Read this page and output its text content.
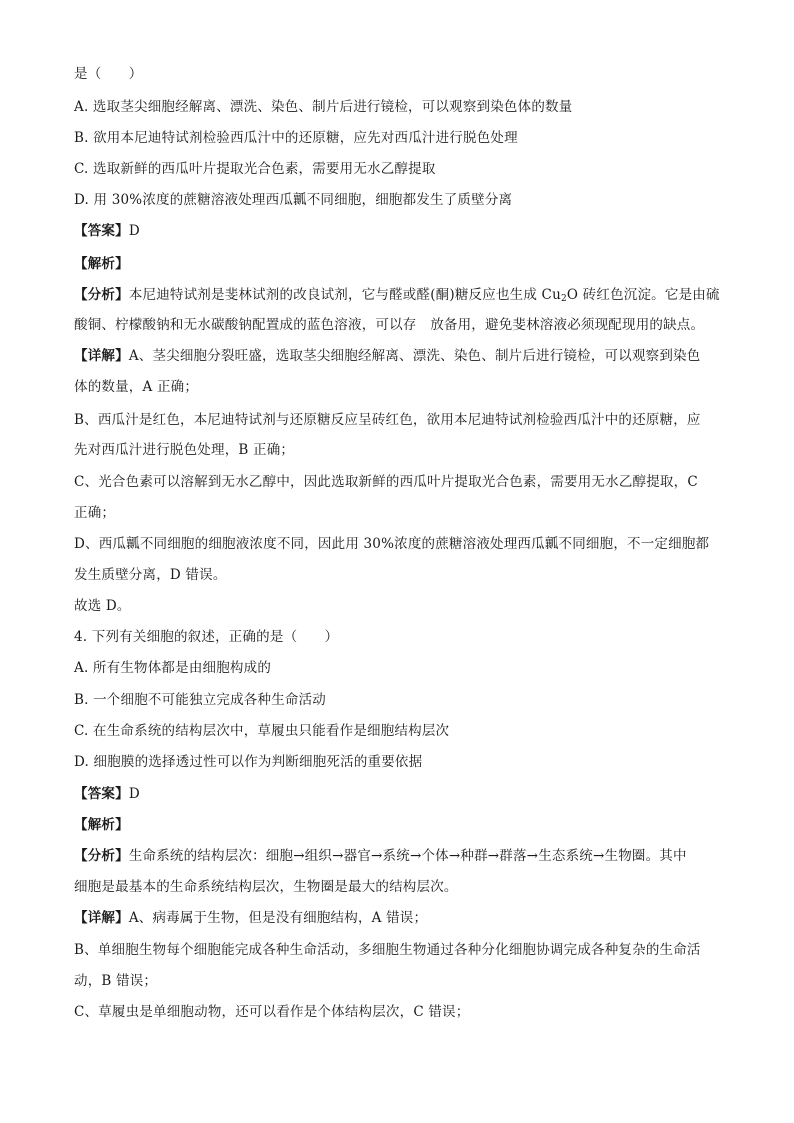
是（　　）
A. 选取茎尖细胞经解离、漂洗、染色、制片后进行镜检，可以观察到染色体的数量
B. 欲用本尼迪特试剂检验西瓜汁中的还原糖，应先对西瓜汁进行脱色处理
C. 选取新鲜的西瓜叶片提取光合色素，需要用无水乙醇提取
D. 用 30%浓度的蔗糖溶液处理西瓜瓤不同细胞，细胞都发生了质壁分离
【答案】D
【解析】
【分析】本尼迪特试剂是斐林试剂的改良试剂，它与醛或醛(酮)糖反应也生成 $Cu_2O$ 砖红色沉淀。它是由硫
酸铜、柠檬酸钠和无水碳酸钠配置成的蓝色溶液，可以存　放备用，避免斐林溶液必须现配现用的缺点。
【详解】A、茎尖细胞分裂旺盛，选取茎尖细胞经解离、漂洗、染色、制片后进行镜检，可以观察到染色
体的数量，A 正确；
B、西瓜汁是红色，本尼迪特试剂与还原糖反应呈砖红色，欲用本尼迪特试剂检验西瓜汁中的还原糖，应
先对西瓜汁进行脱色处理，B 正确；
C、光合色素可以溶解到无水乙醇中，因此选取新鲜的西瓜叶片提取光合色素，需要用无水乙醇提取，C
正确；
D、西瓜瓤不同细胞的细胞液浓度不同，因此用 30%浓度的蔗糖溶液处理西瓜瓤不同细胞，不一定细胞都
发生质壁分离，D 错误。
故选 D。
4. 下列有关细胞的叙述，正确的是（　　）
A. 所有生物体都是由细胞构成的
B. 一个细胞不可能独立完成各种生命活动
C. 在生命系统的结构层次中，草履虫只能看作是细胞结构层次
D. 细胞膜的选择透过性可以作为判断细胞死活的重要依据
【答案】D
【解析】
【分析】生命系统的结构层次：细胞→组织→器官→系统→个体→种群→群落→生态系统→生物圈。其中
细胞是最基本的生命系统结构层次，生物圈是最大的结构层次。
【详解】A、病毒属于生物，但是没有细胞结构，A 错误；
B、单细胞生物每个细胞能完成各种生命活动，多细胞生物通过各种分化细胞协调完成各种复杂的生命活
动，B 错误；
C、草履虫是单细胞动物，还可以看作是个体结构层次，C 错误；
